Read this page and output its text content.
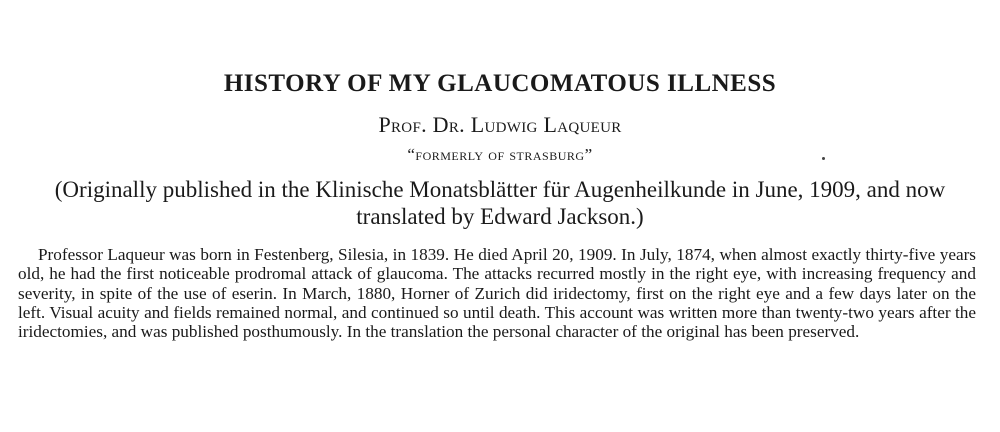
HISTORY OF MY GLAUCOMATOUS ILLNESS
Prof. Dr. Ludwig Laqueur
“formerly of strasburg”
(Originally published in the Klinische Monatsblätter für Augenheilkunde in June, 1909, and now translated by Edward Jackson.)

Professor Laqueur was born in Festenberg, Silesia, in 1839. He died April 20, 1909. In July, 1874, when almost exactly thirty-five years old, he had the first noticeable prodromal attack of glaucoma. The attacks recurred mostly in the right eye, with increasing frequency and severity, in spite of the use of eserin. In March, 1880, Horner of Zurich did iridectomy, first on the right eye and a few days later on the left. Visual acuity and fields remained normal, and continued so until death. This account was written more than twenty-two years after the iridectomies, and was published posthumously. In the translation the personal character of the original has been preserved.
